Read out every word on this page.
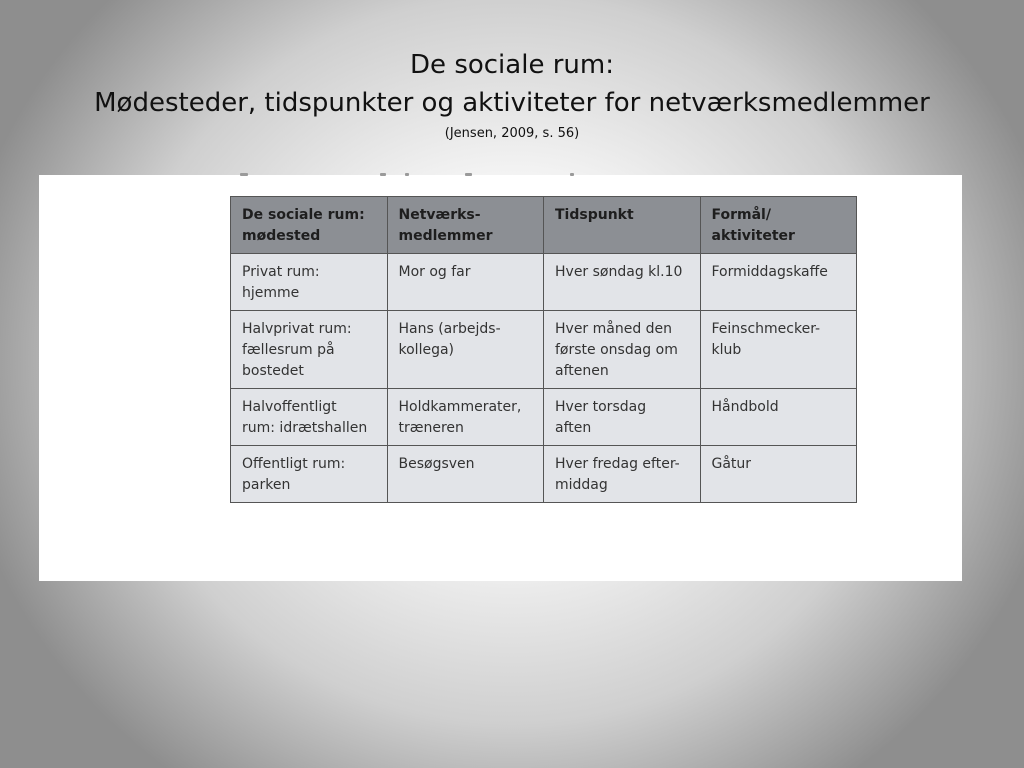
De sociale rum:
Mødesteder, tidspunkter og aktiviteter for netværksmedlemmer
(Jensen, 2009, s. 56)
De sociale rum:
mødested	Netværks-
medlemmer	Tidspunkt	Formål/
aktiviteter

Privat rum:
hjemme	Mor og far	Hver søndag kl.10	Formiddagskaffe

Halvprivat rum:
fællesrum på
bostedet	Hans (arbejds-
kollega)	Hver måned den
første onsdag om
aftenen	Feinschmecker-
klub

Halvoffentligt
rum: idrætshallen	Holdkammerater,
træneren	Hver torsdag
aften	Håndbold

Offentligt rum:
parken	Besøgsven	Hver fredag efter-
middag	Gåtur
